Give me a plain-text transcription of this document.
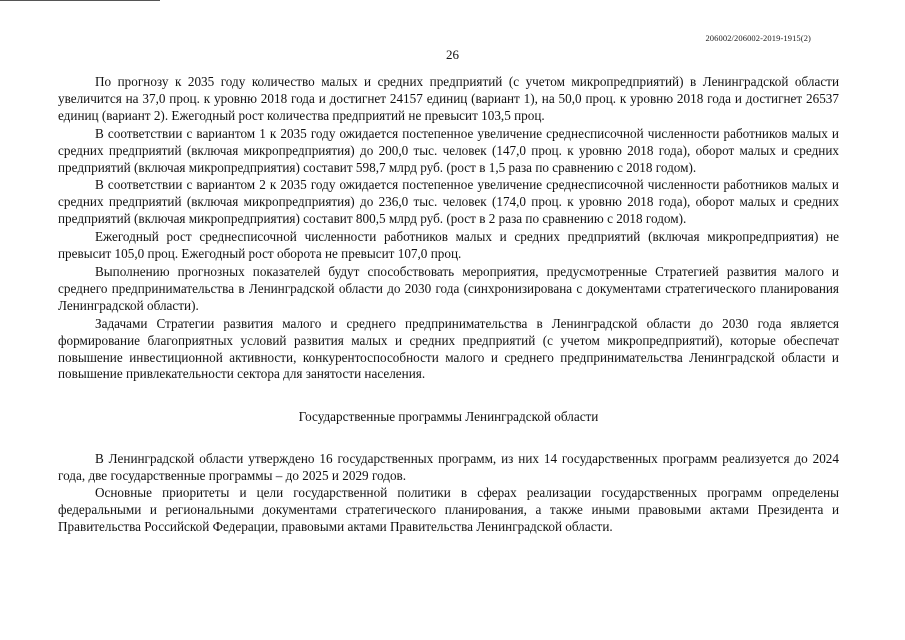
206002/206002-2019-1915(2)
26

По прогнозу к 2035 году количество малых и средних предприятий (с учетом микропредприятий) в Ленинградской области увеличится на 37,0 проц. к уровню 2018 года и достигнет 24157 единиц (вариант 1), на 50,0 проц. к уровню 2018 года и достигнет 26537 единиц (вариант 2). Ежегодный рост количества предприятий не превысит 103,5 проц.

В соответствии с вариантом 1 к 2035 году ожидается постепенное увеличение среднесписочной численности работников малых и средних предприятий (включая микропредприятия) до 200,0 тыс. человек (147,0 проц. к уровню 2018 года), оборот малых и средних предприятий (включая микропредприятия) составит 598,7 млрд руб. (рост в 1,5 раза по сравнению с 2018 годом).

В соответствии с вариантом 2 к 2035 году ожидается постепенное увеличение среднесписочной численности работников малых и средних предприятий (включая микропредприятия) до 236,0 тыс. человек (174,0 проц. к уровню 2018 года), оборот малых и средних предприятий (включая микропредприятия) составит 800,5 млрд руб. (рост в 2 раза по сравнению с 2018 годом).

Ежегодный рост среднесписочной численности работников малых и средних предприятий (включая микропредприятия) не превысит 105,0 проц. Ежегодный рост оборота не превысит 107,0 проц.

Выполнению прогнозных показателей будут способствовать мероприятия, предусмотренные Стратегией развития малого и среднего предпринимательства в Ленинградской области до 2030 года (синхронизирована с документами стратегического планирования Ленинградской области).

Задачами Стратегии развития малого и среднего предпринимательства в Ленинградской области до 2030 года является формирование благоприятных условий развития малых и средних предприятий (с учетом микропредприятий), которые обеспечат повышение инвестиционной активности, конкурентоспособности малого и среднего предпринимательства Ленинградской области и повышение привлекательности сектора для занятости населения.

Государственные программы Ленинградской области

В Ленинградской области утверждено 16 государственных программ, из них 14 государственных программ реализуется до 2024 года, две государственные программы – до 2025 и 2029 годов.

Основные приоритеты и цели государственной политики в сферах реализации государственных программ определены федеральными и региональными документами стратегического планирования, а также иными правовыми актами Президента и Правительства Российской Федерации, правовыми актами Правительства Ленинградской области.
